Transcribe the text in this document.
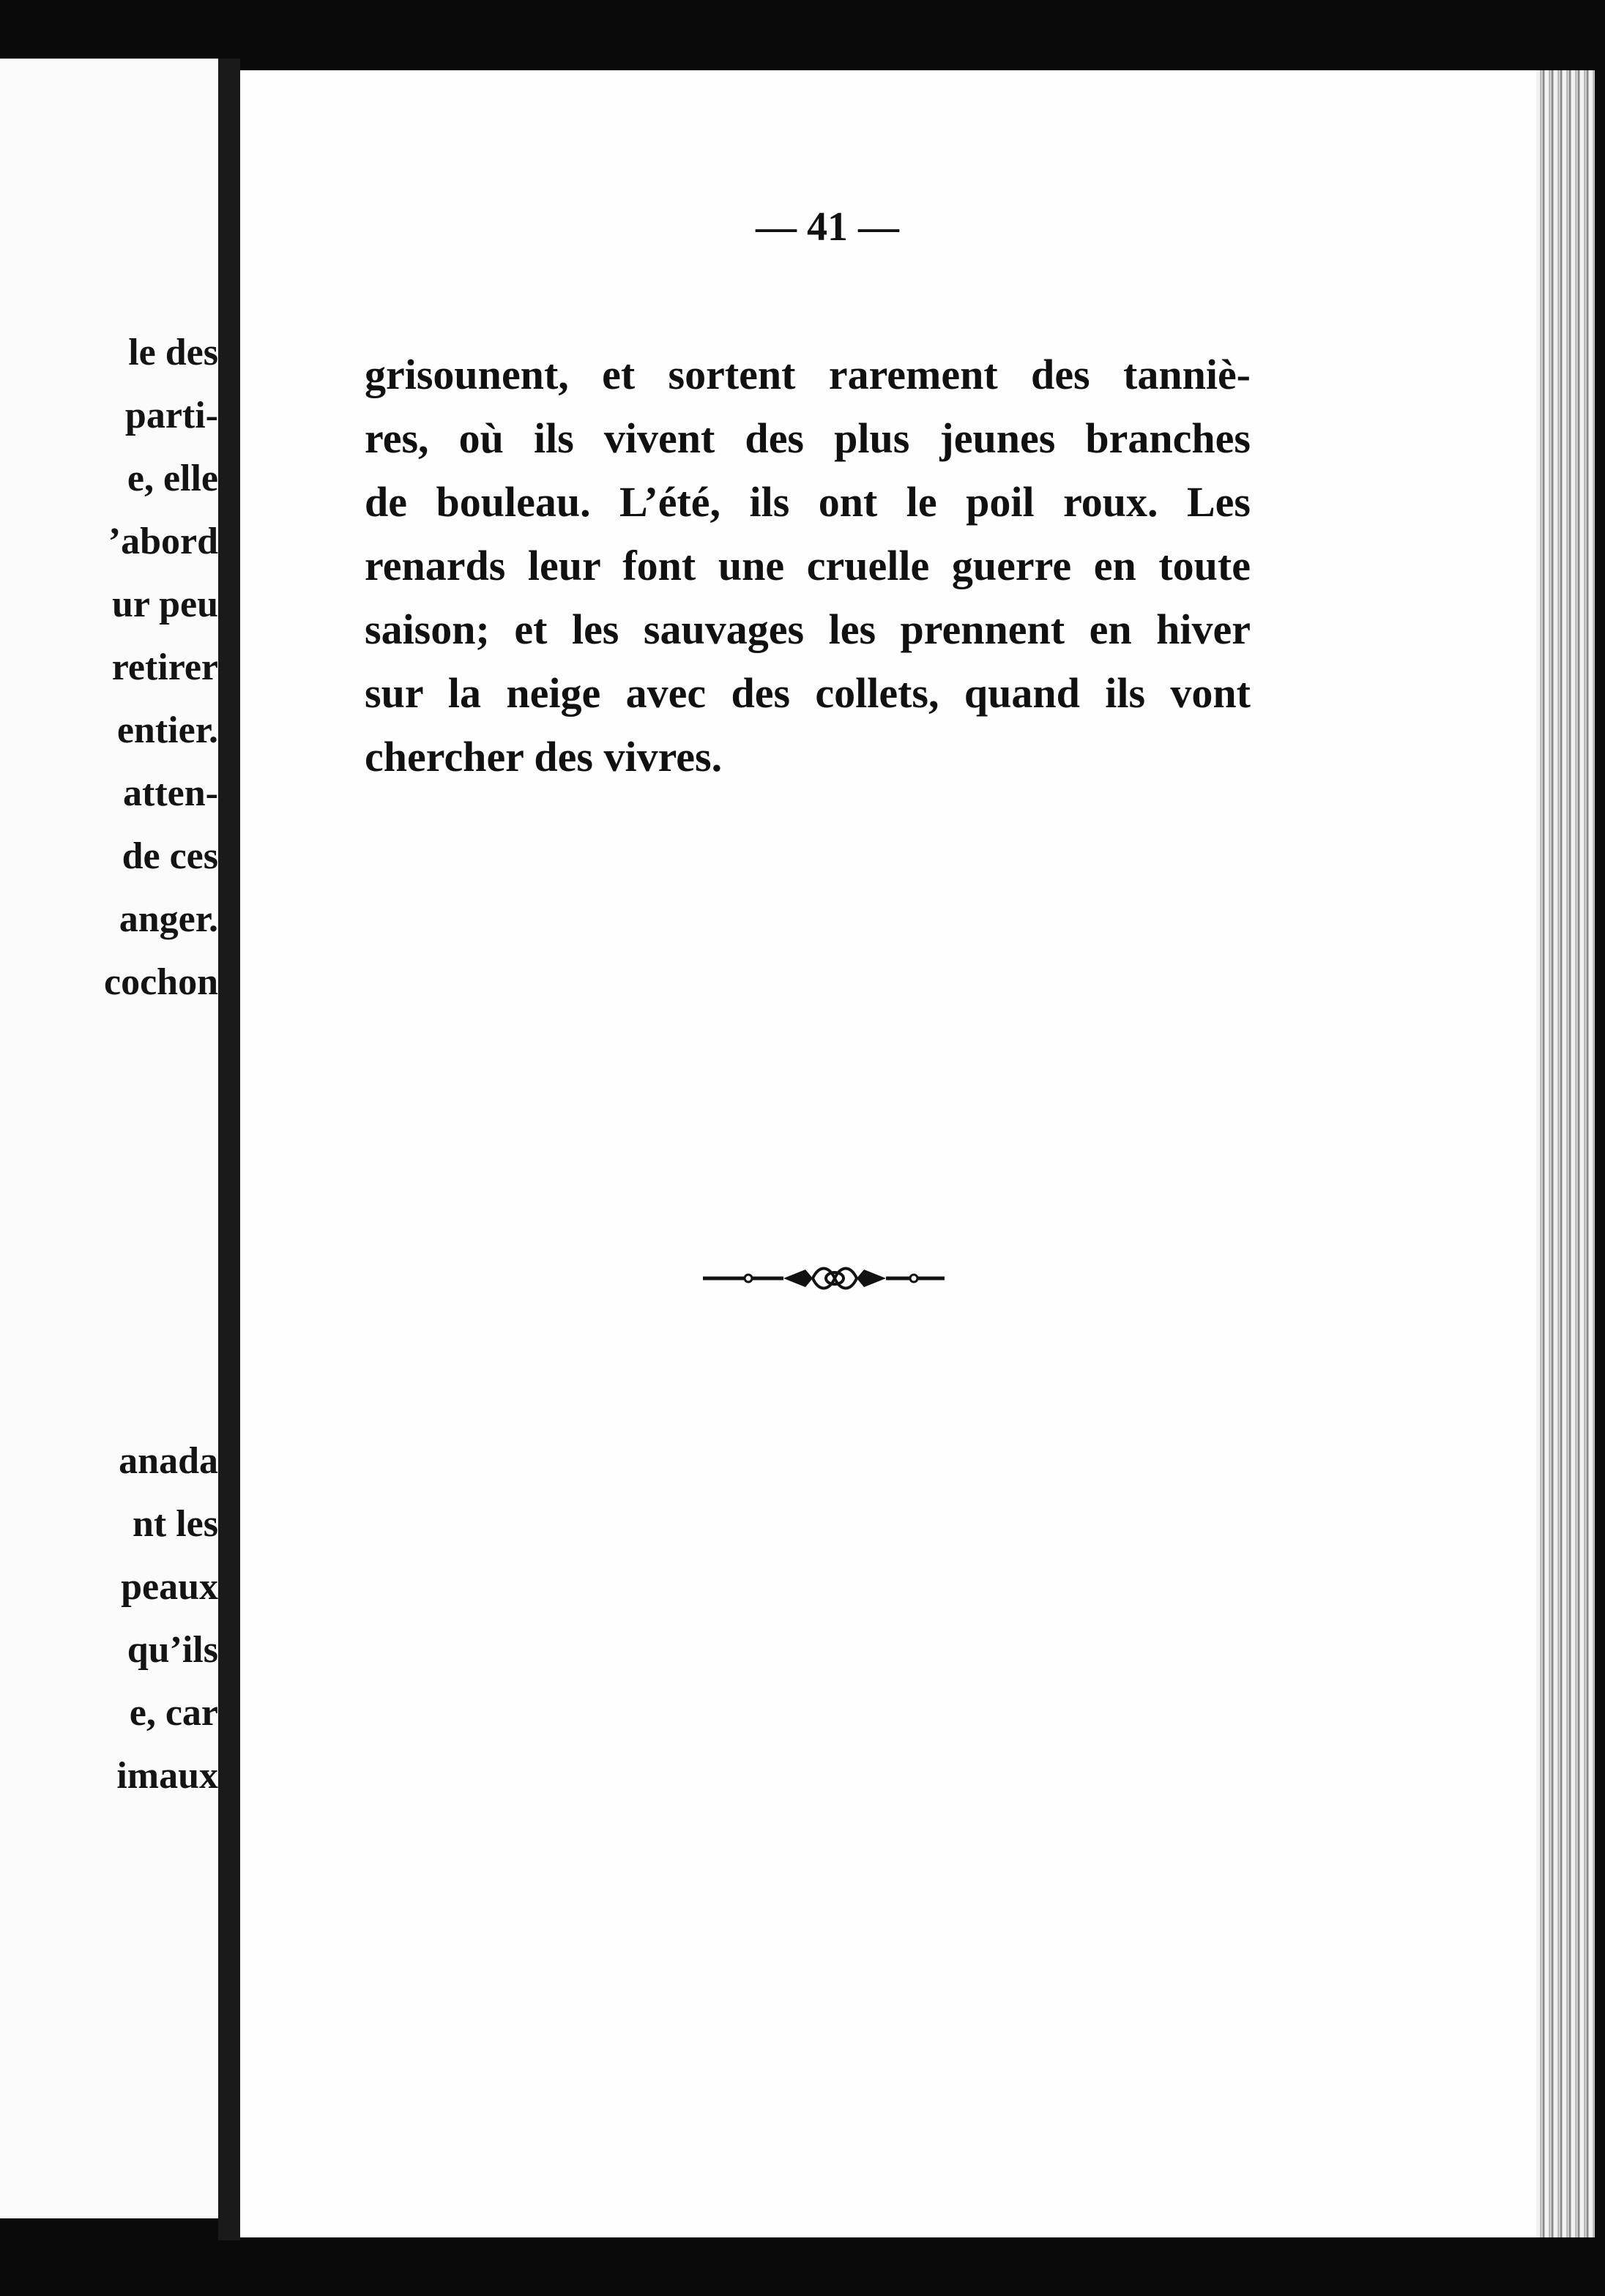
le des
parti-
e, elle
’abord
ur peu
retirer
entier.
atten-
de ces
anger.
cochon
anada
nt les
peaux
qu’ils
e, car
imaux
— 41 —
grisounent, et sortent rarement des tanniè-
res, où ils vivent des plus jeunes branches
de bouleau. L’été, ils ont le poil roux. Les
renards leur font une cruelle guerre en toute
saison; et les sauvages les prennent en hiver
sur la neige avec des collets, quand ils vont
chercher des vivres.
